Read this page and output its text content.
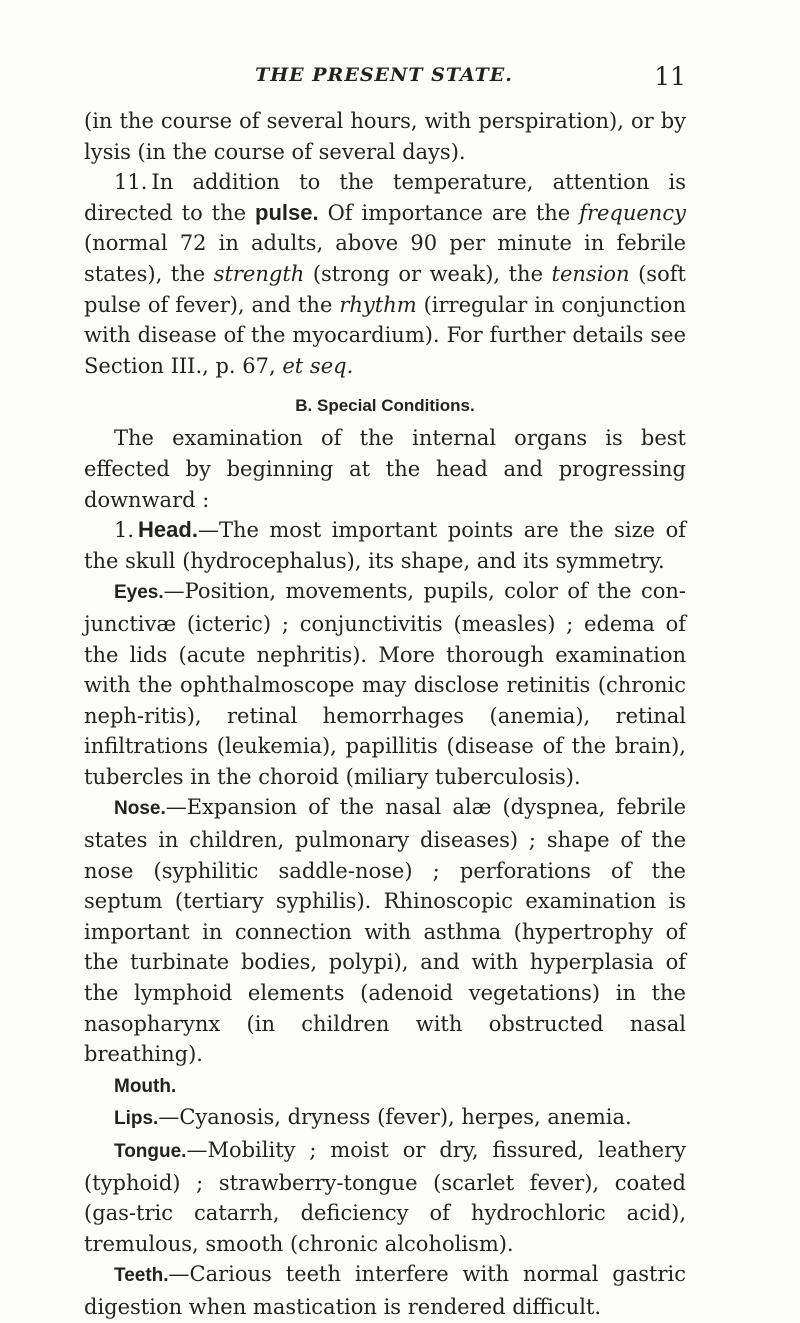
THE PRESENT STATE.	11

(in the course of several hours, with perspiration), or by lysis (in the course of several days).

11. In addition to the temperature, attention is directed to the pulse. Of importance are the frequency (normal 72 in adults, above 90 per minute in febrile states), the strength (strong or weak), the tension (soft pulse of fever), and the rhythm (irregular in conjunction with disease of the myocardium). For further details see Section III., p. 67, et seq.

B. Special Conditions.

The examination of the internal organs is best effected by beginning at the head and progressing downward :

1. Head.—The most important points are the size of the skull (hydrocephalus), its shape, and its symmetry.

Eyes.—Position, movements, pupils, color of the con-junctivæ (icteric) ; conjunctivitis (measles) ; edema of the lids (acute nephritis). More thorough examination with the ophthalmoscope may disclose retinitis (chronic neph-ritis), retinal hemorrhages (anemia), retinal infiltrations (leukemia), papillitis (disease of the brain), tubercles in the choroid (miliary tuberculosis).

Nose.—Expansion of the nasal alæ (dyspnea, febrile states in children, pulmonary diseases) ; shape of the nose (syphilitic saddle-nose) ; perforations of the septum (tertiary syphilis). Rhinoscopic examination is important in connection with asthma (hypertrophy of the turbinate bodies, polypi), and with hyperplasia of the lymphoid elements (adenoid vegetations) in the nasopharynx (in children with obstructed nasal breathing).

Mouth.

Lips.—Cyanosis, dryness (fever), herpes, anemia.

Tongue.—Mobility ; moist or dry, fissured, leathery (typhoid) ; strawberry-tongue (scarlet fever), coated (gas-tric catarrh, deficiency of hydrochloric acid), tremulous, smooth (chronic alcoholism).

Teeth.—Carious teeth interfere with normal gastric digestion when mastication is rendered difficult.
